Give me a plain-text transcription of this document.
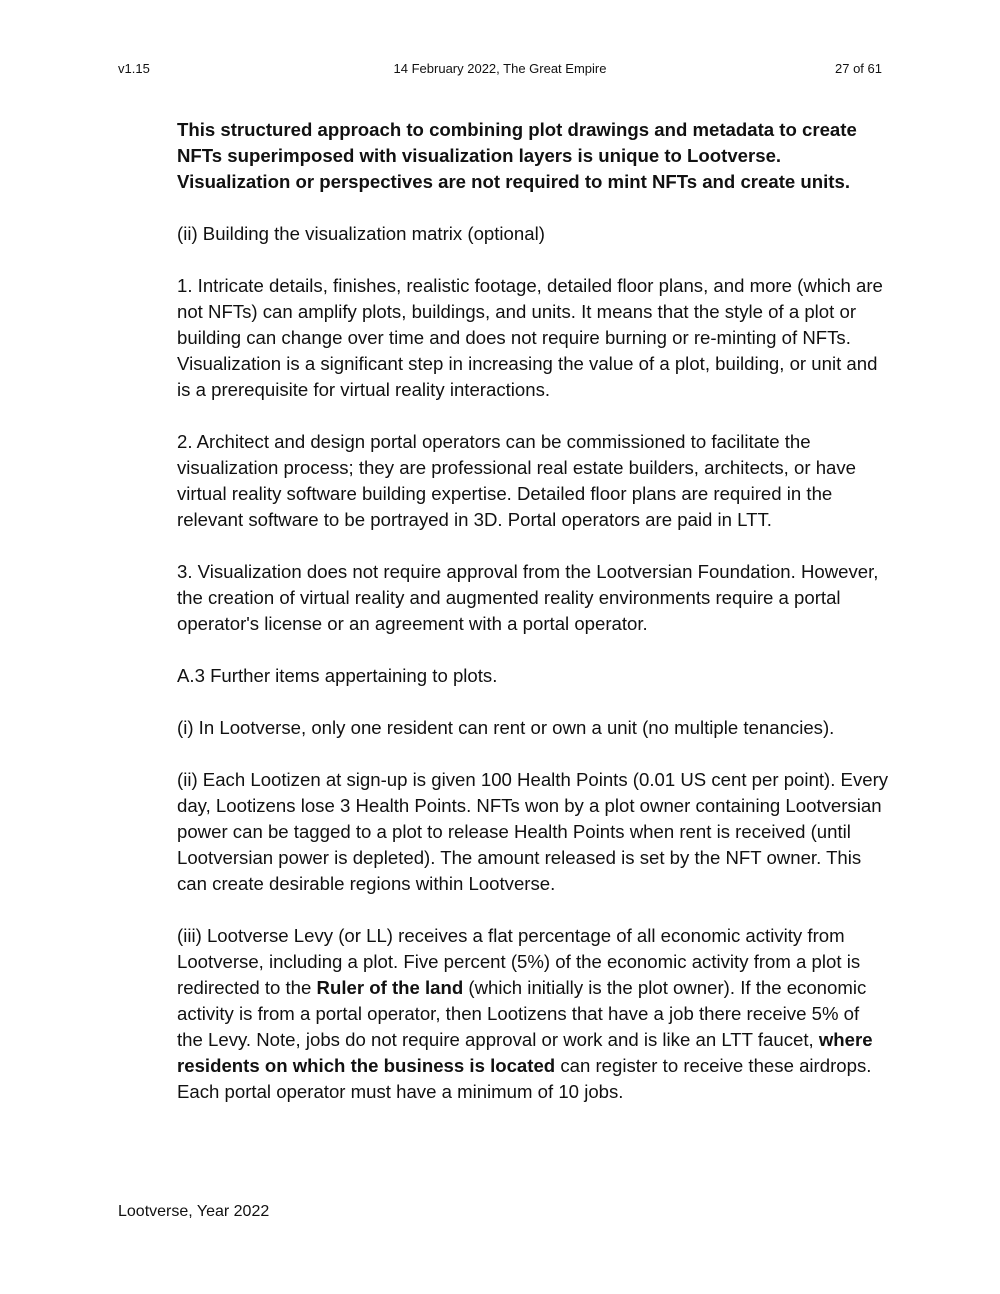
v1.15	14 February 2022, The Great Empire	27 of 61

This structured approach to combining plot drawings and metadata to create NFTs superimposed with visualization layers is unique to Lootverse. Visualization or perspectives are not required to mint NFTs and create units.

(ii) Building the visualization matrix (optional)

1. Intricate details, finishes, realistic footage, detailed floor plans, and more (which are not NFTs) can amplify plots, buildings, and units. It means that the style of a plot or building can change over time and does not require burning or re-minting of NFTs. Visualization is a significant step in increasing the value of a plot, building, or unit and is a prerequisite for virtual reality interactions.

2. Architect and design portal operators can be commissioned to facilitate the visualization process; they are professional real estate builders, architects, or have virtual reality software building expertise. Detailed floor plans are required in the relevant software to be portrayed in 3D. Portal operators are paid in LTT.

3. Visualization does not require approval from the Lootversian Foundation. However, the creation of virtual reality and augmented reality environments require a portal operator's license or an agreement with a portal operator.

A.3 Further items appertaining to plots.

(i) In Lootverse, only one resident can rent or own a unit (no multiple tenancies).

(ii) Each Lootizen at sign-up is given 100 Health Points (0.01 US cent per point). Every day, Lootizens lose 3 Health Points. NFTs won by a plot owner containing Lootversian power can be tagged to a plot to release Health Points when rent is received (until Lootversian power is depleted). The amount released is set by the NFT owner. This can create desirable regions within Lootverse.

(iii) Lootverse Levy (or LL) receives a flat percentage of all economic activity from Lootverse, including a plot. Five percent (5%) of the economic activity from a plot is redirected to the Ruler of the land (which initially is the plot owner). If the economic activity is from a portal operator, then Lootizens that have a job there receive 5% of the Levy. Note, jobs do not require approval or work and is like an LTT faucet, where residents on which the business is located can register to receive these airdrops. Each portal operator must have a minimum of 10 jobs.

Lootverse, Year 2022
